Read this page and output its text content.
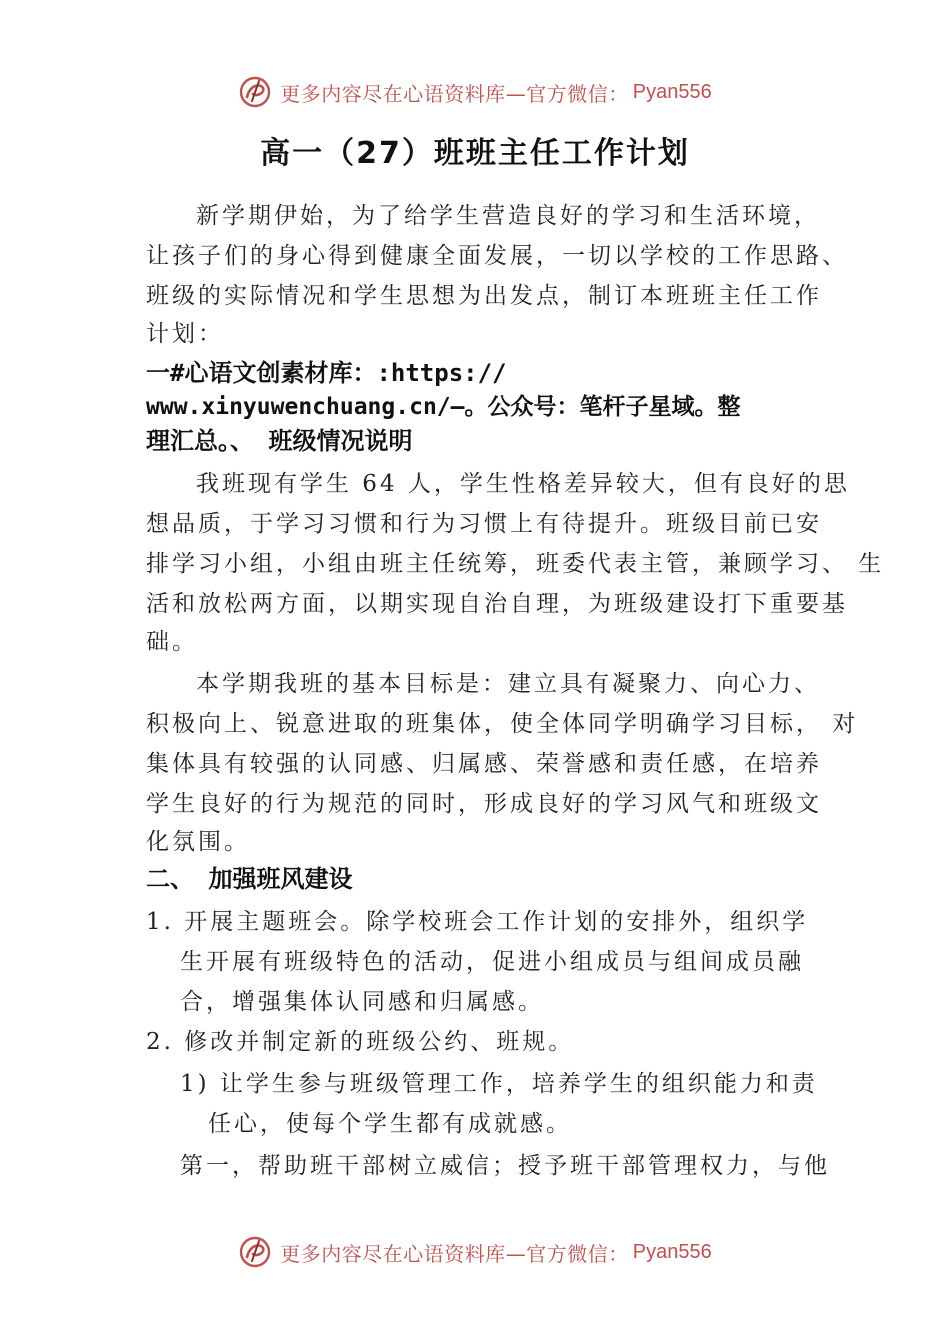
更多内容尽在心语资料库—官方微信： Pyan556
高一（27）班班主任工作计划
新学期伊始，为了给学生营造良好的学习和生活环境，
让孩子们的身心得到健康全面发展，一切以学校的工作思路、
班级的实际情况和学生思想为出发点，制订本班班主任工作
计划：
一#心语文创素材库：:https://
www.xinyuwenchuang.cn/—。公众号：笔杆子星域。整
理汇总。、 班级情况说明
我班现有学生 64 人，学生性格差异较大，但有良好的思
想品质，于学习习惯和行为习惯上有待提升。班级目前已安
排学习小组，小组由班主任统筹，班委代表主管，兼顾学习、 生
活和放松两方面，以期实现自治自理，为班级建设打下重要基
础。
本学期我班的基本目标是：建立具有凝聚力、向心力、
积极向上、锐意进取的班集体，使全体同学明确学习目标， 对
集体具有较强的认同感、归属感、荣誉感和责任感，在培养
学生良好的行为规范的同时，形成良好的学习风气和班级文
化氛围。
二、 加强班风建设
1. 开展主题班会。除学校班会工作计划的安排外，组织学
生开展有班级特色的活动，促进小组成员与组间成员融
合，增强集体认同感和归属感。
2. 修改并制定新的班级公约、班规。
1) 让学生参与班级管理工作，培养学生的组织能力和责
任心，使每个学生都有成就感。
第一，帮助班干部树立威信；授予班干部管理权力，与他
更多内容尽在心语资料库—官方微信： Pyan556
